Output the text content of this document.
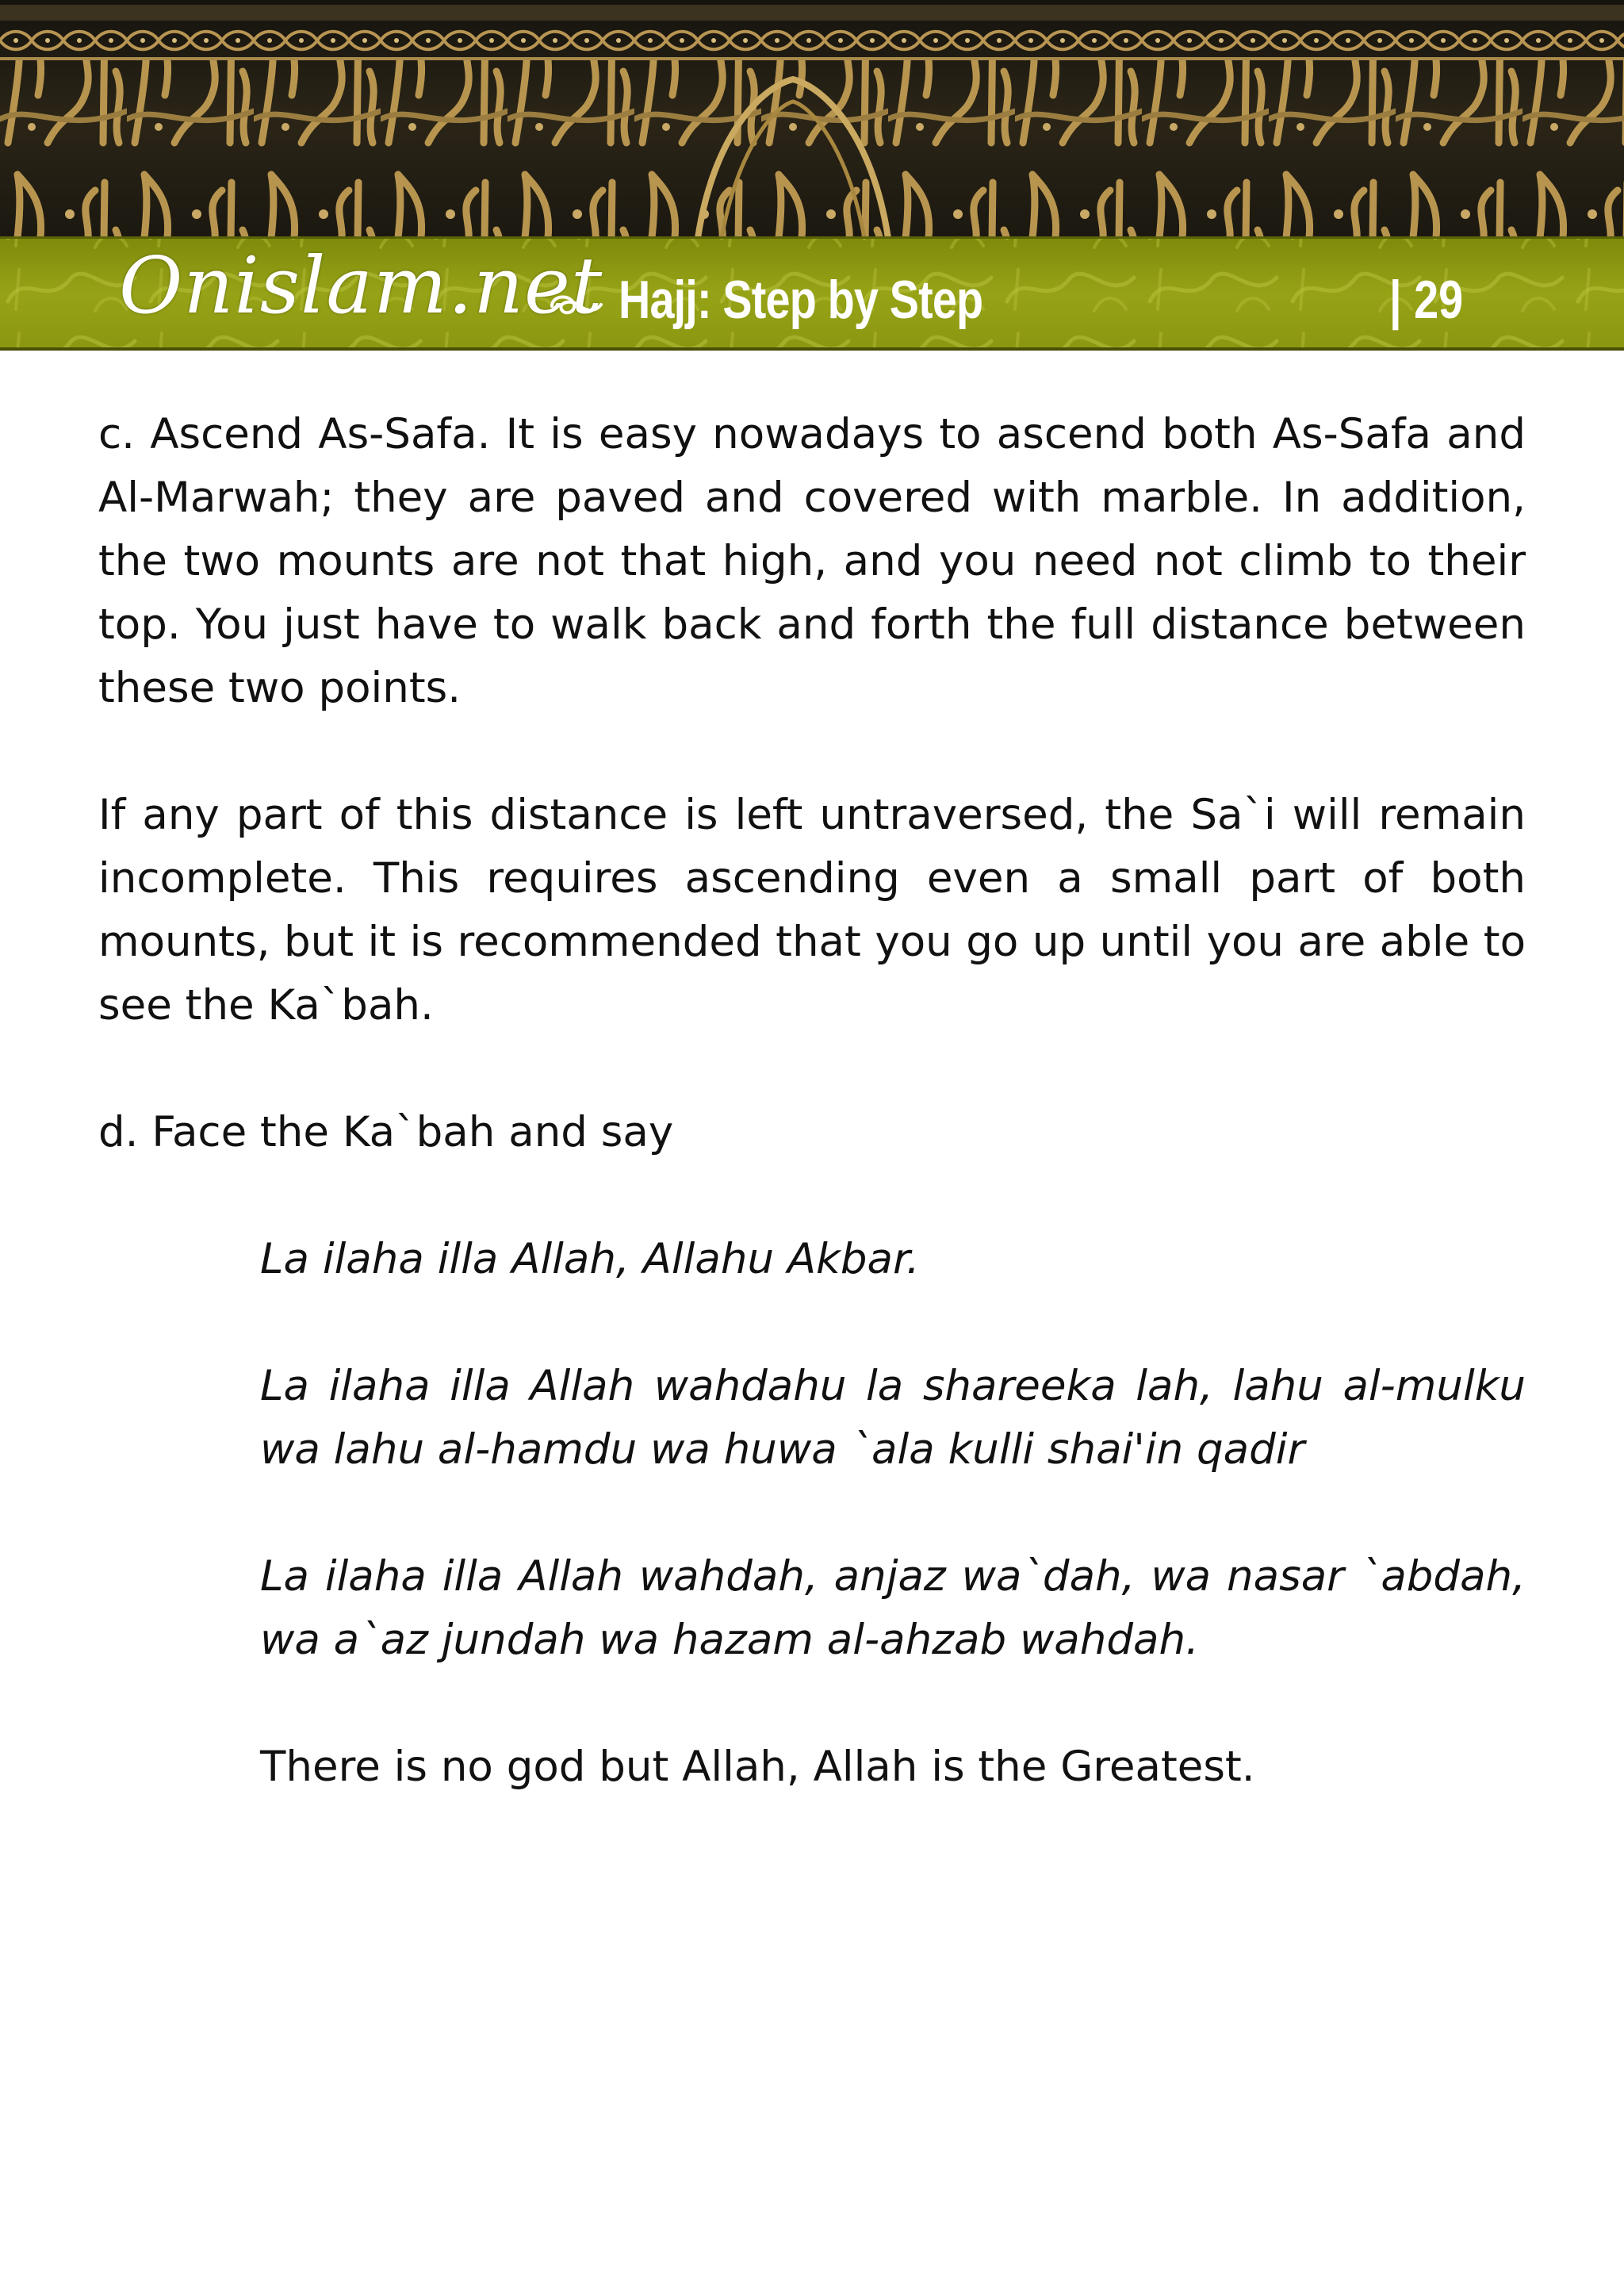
Onislam.net Hajj: Step by Step	| 29

c. Ascend As-Safa. It is easy nowadays to ascend both As-Safa and Al-Marwah; they are paved and covered with marble. In addition, the two mounts are not that high, and you need not climb to their top. You just have to walk back and forth the full distance between these two points.

If any part of this distance is left untraversed, the Sa`i will remain incomplete. This requires ascending even a small part of both mounts, but it is recommended that you go up until you are able to see the Ka`bah.

d. Face the Ka`bah and say

La ilaha illa Allah, Allahu Akbar.

La ilaha illa Allah wahdahu la shareeka lah, lahu al-mulku wa lahu al-hamdu wa huwa `ala kulli shai'in qadir

La ilaha illa Allah wahdah, anjaz wa`dah, wa nasar `abdah, wa a`az jundah wa hazam al-ahzab wahdah.

There is no god but Allah, Allah is the Greatest.
